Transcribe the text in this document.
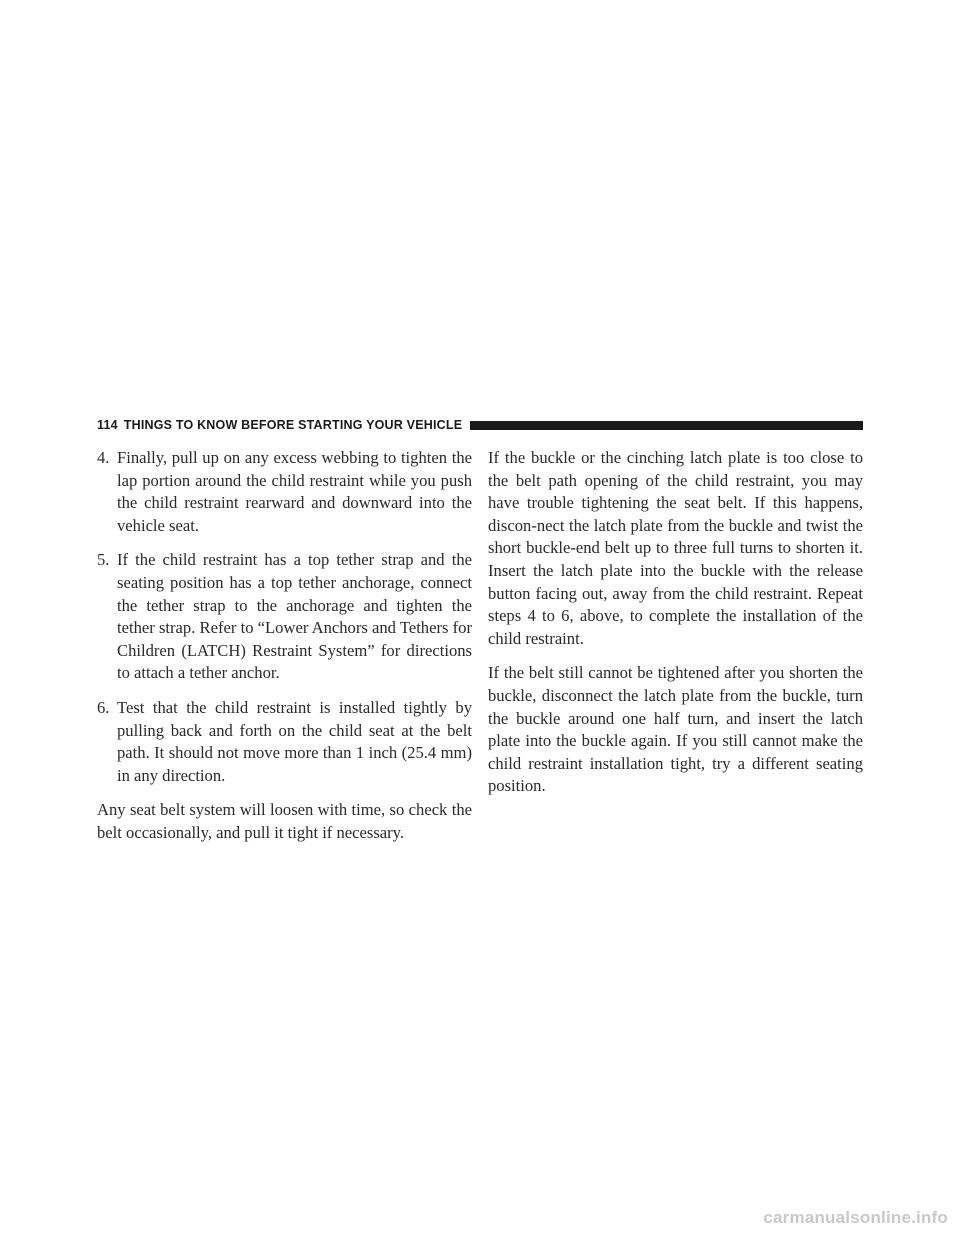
114 THINGS TO KNOW BEFORE STARTING YOUR VEHICLE
4. Finally, pull up on any excess webbing to tighten the lap portion around the child restraint while you push the child restraint rearward and downward into the vehicle seat.
5. If the child restraint has a top tether strap and the seating position has a top tether anchorage, connect the tether strap to the anchorage and tighten the tether strap. Refer to “Lower Anchors and Tethers for Children (LATCH) Restraint System” for directions to attach a tether anchor.
6. Test that the child restraint is installed tightly by pulling back and forth on the child seat at the belt path. It should not move more than 1 inch (25.4 mm) in any direction.

Any seat belt system will loosen with time, so check the belt occasionally, and pull it tight if necessary.

If the buckle or the cinching latch plate is too close to the belt path opening of the child restraint, you may have trouble tightening the seat belt. If this happens, discon-nect the latch plate from the buckle and twist the short buckle-end belt up to three full turns to shorten it. Insert the latch plate into the buckle with the release button facing out, away from the child restraint. Repeat steps 4 to 6, above, to complete the installation of the child restraint.

If the belt still cannot be tightened after you shorten the buckle, disconnect the latch plate from the buckle, turn the buckle around one half turn, and insert the latch plate into the buckle again. If you still cannot make the child restraint installation tight, try a different seating position.

carmanualsonline.info
